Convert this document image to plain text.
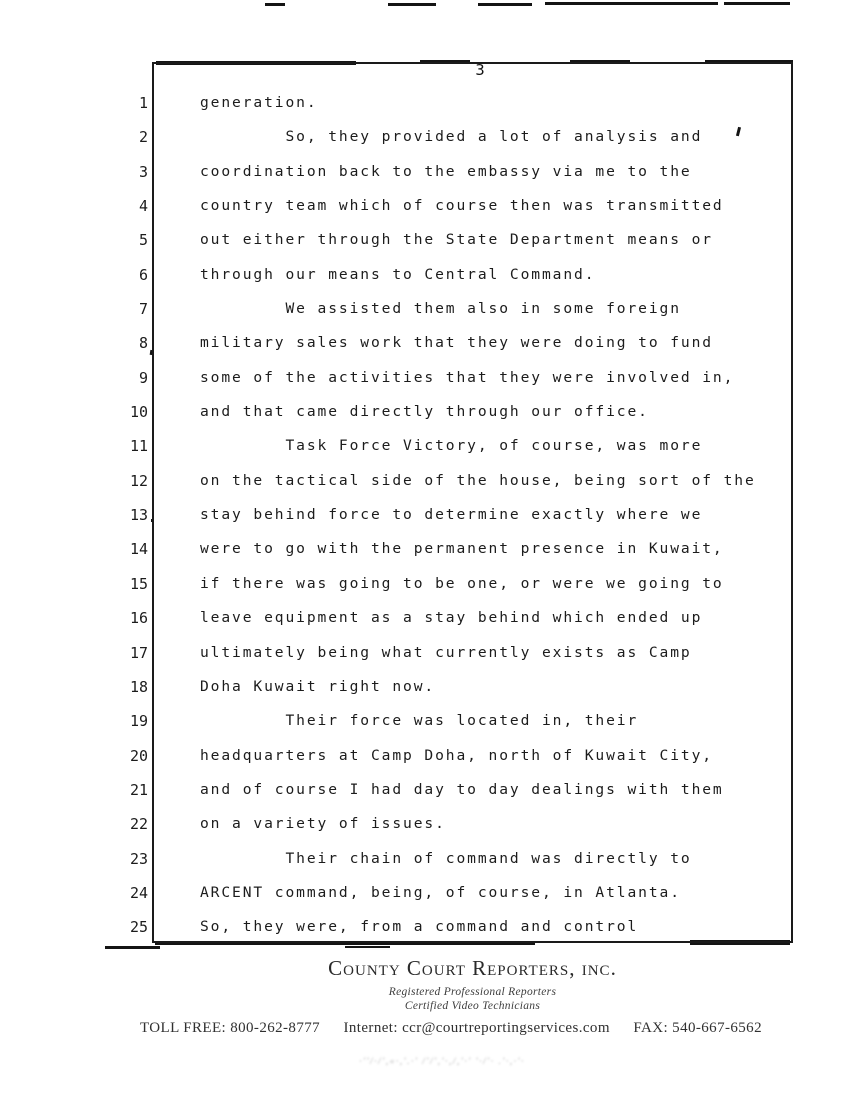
3
1	generation.
2	So, they provided a lot of analysis and
3	coordination back to the embassy via me to the
4	country team which of course then was transmitted
5	out either through the State Department means or
6	through our means to Central Command.
7	We assisted them also in some foreign
8	military sales work that they were doing to fund
9	some of the activities that they were involved in,
10	and that came directly through our office.
11	Task Force Victory, of course, was more
12	on the tactical side of the house, being sort of the
13	stay behind force to determine exactly where we
14	were to go with the permanent presence in Kuwait,
15	if there was going to be one, or were we going to
16	leave equipment as a stay behind which ended up
17	ultimately being what currently exists as Camp
18	Doha Kuwait right now.
19	Their force was located in, their
20	headquarters at Camp Doha, north of Kuwait City,
21	and of course I had day to day dealings with them
22	on a variety of issues.
23	Their chain of command was directly to
24	ARCENT command, being, of course, in Atlanta.
25	So, they were, from a command and control
County Court Reporters, inc.
Registered Professional Reporters
Certified Video Technicians
TOLL FREE: 800-262-8777 Internet: ccr@courtreportingservices.com FAX: 540-667-6562
·''/·/',«·,'.·' /'/','·,/,'·' '·/'· .'·,·'·
